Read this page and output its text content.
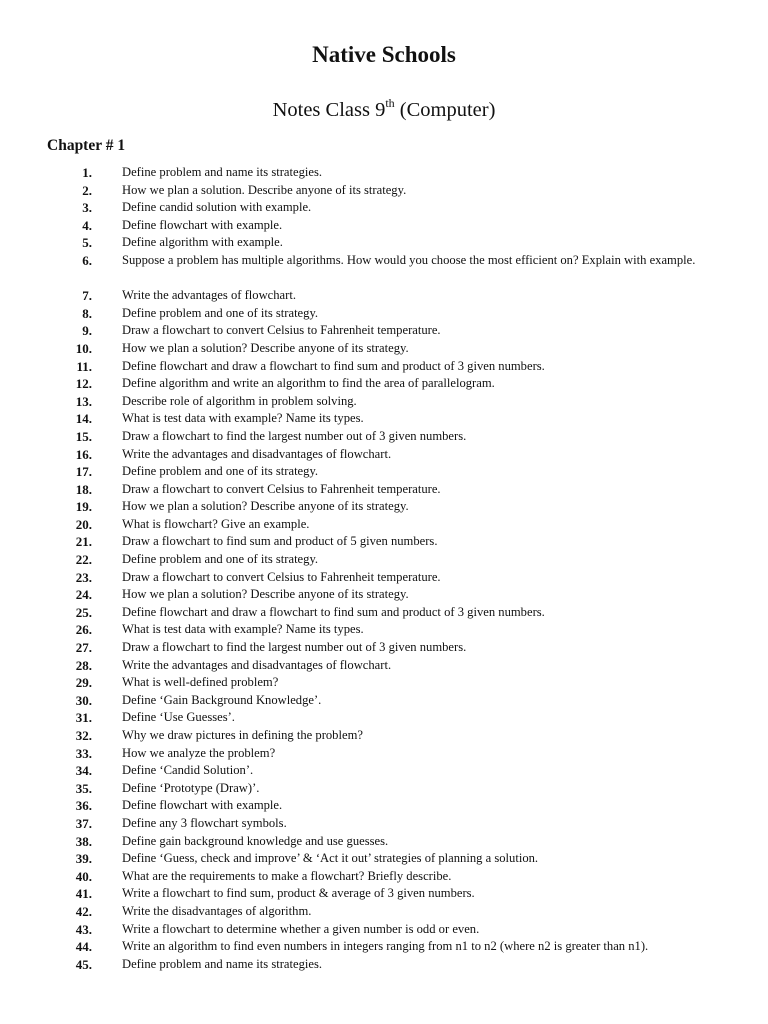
Native Schools
Notes Class 9th (Computer)
Chapter # 1
1. Define problem and name its strategies.
2. How we plan a solution. Describe anyone of its strategy.
3. Define candid solution with example.
4. Define flowchart with example.
5. Define algorithm with example.
6. Suppose a problem has multiple algorithms. How would you choose the most efficient on? Explain with example.
7. Write the advantages of flowchart.
8. Define problem and one of its strategy.
9. Draw a flowchart to convert Celsius to Fahrenheit temperature.
10. How we plan a solution? Describe anyone of its strategy.
11. Define flowchart and draw a flowchart to find sum and product of 3 given numbers.
12. Define algorithm and write an algorithm to find the area of parallelogram.
13. Describe role of algorithm in problem solving.
14. What is test data with example? Name its types.
15. Draw a flowchart to find the largest number out of 3 given numbers.
16. Write the advantages and disadvantages of flowchart.
17. Define problem and one of its strategy.
18. Draw a flowchart to convert Celsius to Fahrenheit temperature.
19. How we plan a solution? Describe anyone of its strategy.
20. What is flowchart? Give an example.
21. Draw a flowchart to find sum and product of 5 given numbers.
22. Define problem and one of its strategy.
23. Draw a flowchart to convert Celsius to Fahrenheit temperature.
24. How we plan a solution? Describe anyone of its strategy.
25. Define flowchart and draw a flowchart to find sum and product of 3 given numbers.
26. What is test data with example? Name its types.
27. Draw a flowchart to find the largest number out of 3 given numbers.
28. Write the advantages and disadvantages of flowchart.
29. What is well-defined problem?
30. Define ‘Gain Background Knowledge’.
31. Define ‘Use Guesses’.
32. Why we draw pictures in defining the problem?
33. How we analyze the problem?
34. Define ‘Candid Solution’.
35. Define ‘Prototype (Draw)’.
36. Define flowchart with example.
37. Define any 3 flowchart symbols.
38. Define gain background knowledge and use guesses.
39. Define ‘Guess, check and improve’ & ‘Act it out’ strategies of planning a solution.
40. What are the requirements to make a flowchart? Briefly describe.
41. Write a flowchart to find sum, product & average of 3 given numbers.
42. Write the disadvantages of algorithm.
43. Write a flowchart to determine whether a given number is odd or even.
44. Write an algorithm to find even numbers in integers ranging from n1 to n2 (where n2 is greater than n1).
45. Define problem and name its strategies.
